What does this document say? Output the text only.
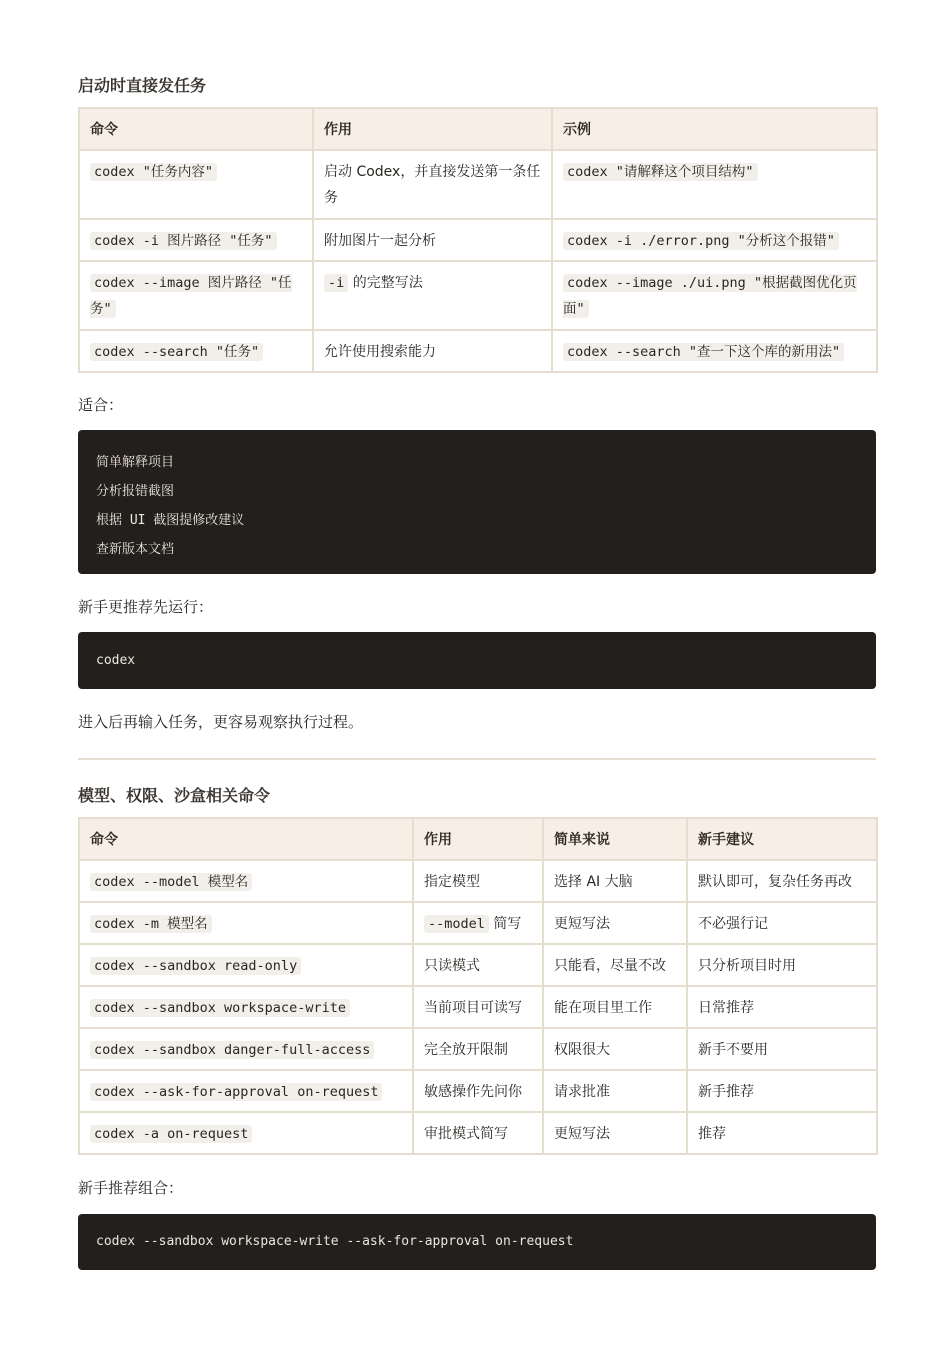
启动时直接发任务
命令	作用	示例
codex "任务内容"	启动 Codex，并直接发送第一条任务	codex "请解释这个项目结构"
codex -i 图片路径 "任务"	附加图片一起分析	codex -i ./error.png "分析这个报错"
codex --image 图片路径 "任务"	-i 的完整写法	codex --image ./ui.png "根据截图优化页面"
codex --search "任务"	允许使用搜索能力	codex --search "查一下这个库的新用法"

适合：

简单解释项目
分析报错截图
根据 UI 截图提修改建议
查新版本文档

新手更推荐先运行：

codex

进入后再输入任务，更容易观察执行过程。

模型、权限、沙盒相关命令
命令	作用	简单来说	新手建议
codex --model 模型名	指定模型	选择 AI 大脑	默认即可，复杂任务再改
codex -m 模型名	--model 简写	更短写法	不必强行记
codex --sandbox read-only	只读模式	只能看，尽量不改	只分析项目时用
codex --sandbox workspace-write	当前项目可读写	能在项目里工作	日常推荐
codex --sandbox danger-full-access	完全放开限制	权限很大	新手不要用
codex --ask-for-approval on-request	敏感操作先问你	请求批准	新手推荐
codex -a on-request	审批模式简写	更短写法	推荐

新手推荐组合：

codex --sandbox workspace-write --ask-for-approval on-request
